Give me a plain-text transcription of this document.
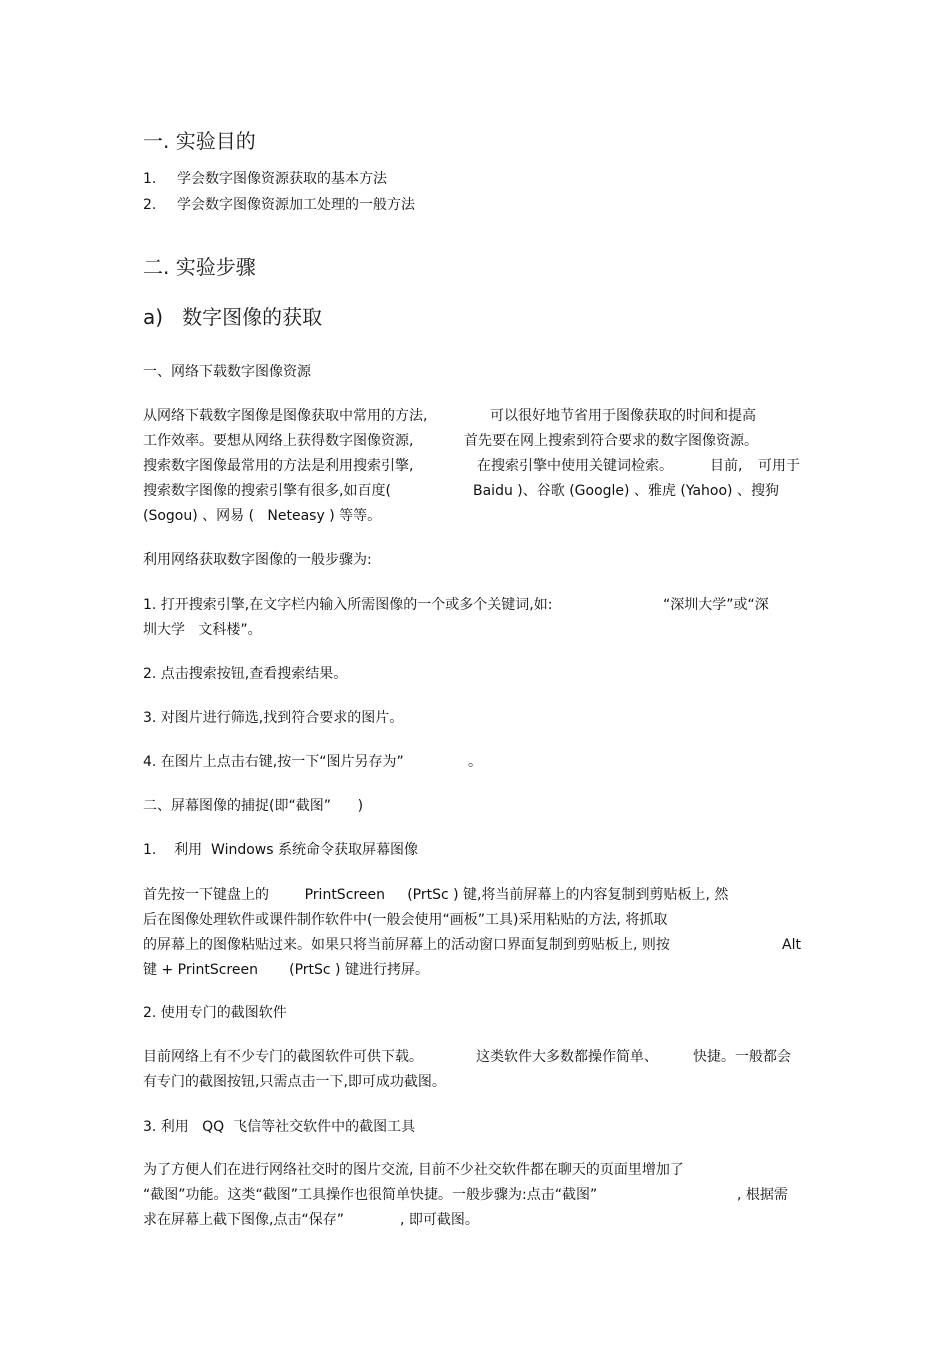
一. 实验目的
1. 学会数字图像资源获取的基本方法
2. 学会数字图像资源加工处理的一般方法
二. 实验步骤
a)   数字图像的获取
一、网络下载数字图像资源
从网络下载数字图像是图像获取中常用的方法,	可以很好地节省用于图像获取的时间和提高
工作效率。要想从网络上获得数字图像资源,	首先要在网上搜索到符合要求的数字图像资源。
搜索数字图像最常用的方法是利用搜索引擎,	在搜索引擎中使用关键词检索。	目前, 可用于
搜索数字图像的搜索引擎有很多,如百度(	Baidu )、谷歌 (Google) 、雅虎 (Yahoo) 、搜狗
(Sogou) 、网易 (   Neteasy ) 等等。
利用网络获取数字图像的一般步骤为:
1. 打开搜索引擎,在文字栏内输入所需图像的一个或多个关键词,如:	“深圳大学”或“深
圳大学   文科楼”。
2. 点击搜索按钮,查看搜索结果。
3. 对图片进行筛选,找到符合要求的图片。
4. 在图片上点击右键,按一下“图片另存为”	。
二、屏幕图像的捕捉(即“截图”      )
1.    利用  Windows 系统命令获取屏幕图像
首先按一下键盘上的        PrintScreen     (PrtSc ) 键,将当前屏幕上的内容复制到剪贴板上, 然
后在图像处理软件或课件制作软件中(一般会使用“画板”工具)采用粘贴的方法, 将抓取
的屏幕上的图像粘贴过来。如果只将当前屏幕上的活动窗口界面复制到剪贴板上, 则按	Alt
键 + PrintScreen       (PrtSc ) 键进行拷屏。
2. 使用专门的截图软件
目前网络上有不少专门的截图软件可供下载。	这类软件大多数都操作简单、	快捷。一般都会
有专门的截图按钮,只需点击一下,即可成功截图。
3. 利用   QQ  飞信等社交软件中的截图工具
为了方便人们在进行网络社交时的图片交流, 目前不少社交软件都在聊天的页面里增加了
“截图”功能。这类“截图”工具操作也很简单快捷。一般步骤为:点击“截图”	, 根据需
求在屏幕上截下图像,点击“保存”	, 即可截图。
